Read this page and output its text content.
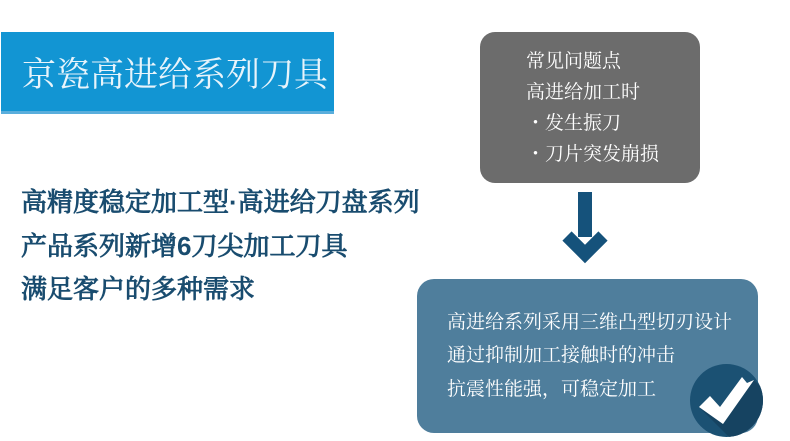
京瓷高进给系列刀具
高精度稳定加工型·高进给刀盘系列
产品系列新增6刀尖加工刀具
满足客户的多种需求
常见问题点
高进给加工时
・发生振刀
・刀片突发崩损
高进给系列采用三维凸型切刃设计
通过抑制加工接触时的冲击
抗震性能强，可稳定加工
